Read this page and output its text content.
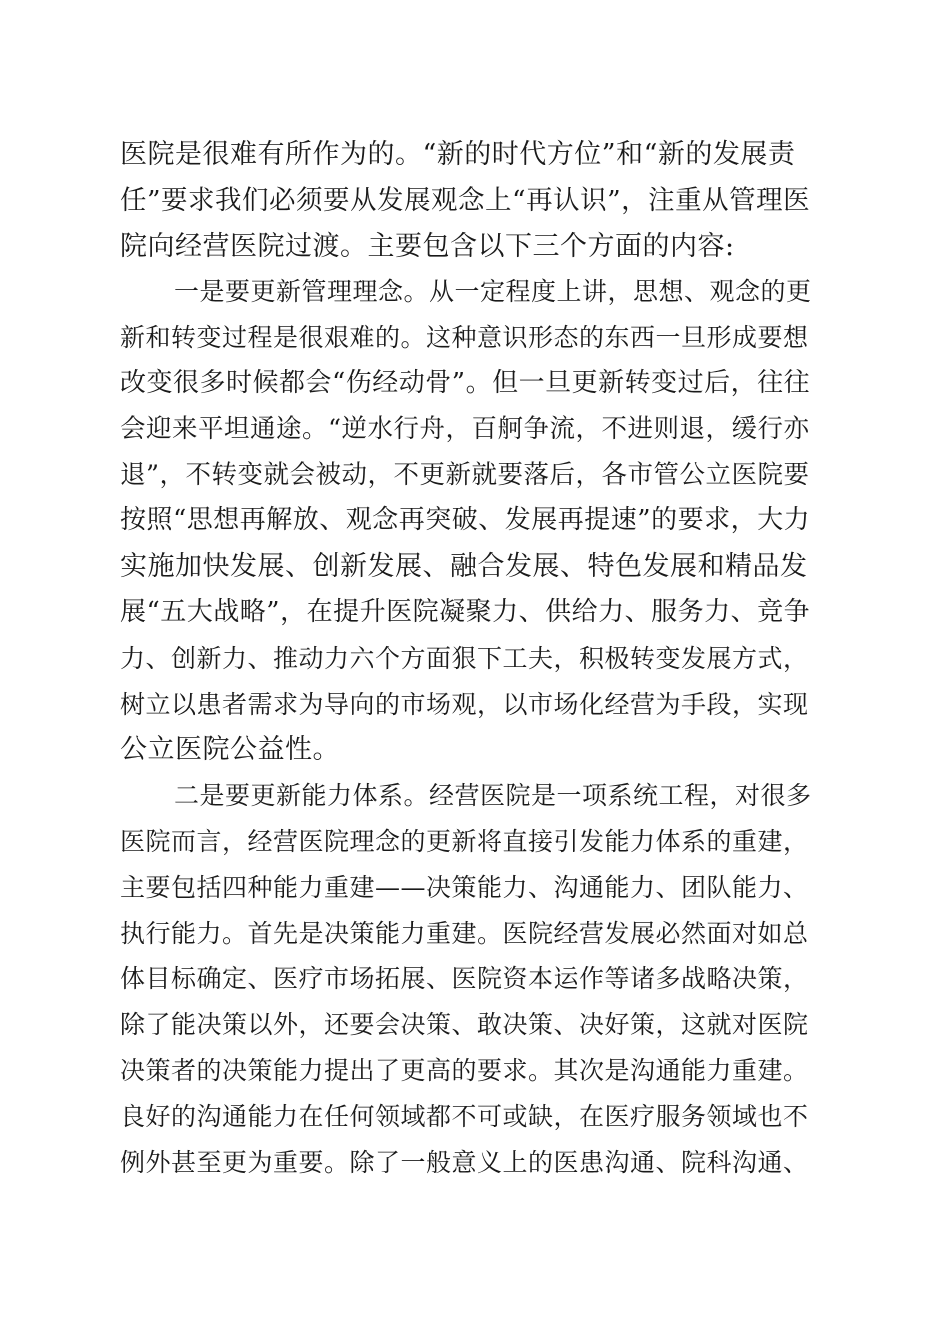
医院是很难有所作为的。“新的时代方位”和“新的发展责
任”要求我们必须要从发展观念上“再认识”，注重从管理医
院向经营医院过渡。主要包含以下三个方面的内容:
一是要更新管理理念。从一定程度上讲，思想、观念的更
新和转变过程是很艰难的。这种意识形态的东西一旦形成要想
改变很多时候都会“伤经动骨”。但一旦更新转变过后，往往
会迎来平坦通途。“逆水行舟，百舸争流，不进则退，缓行亦
退”，不转变就会被动，不更新就要落后，各市管公立医院要
按照“思想再解放、观念再突破、发展再提速”的要求，大力
实施加快发展、创新发展、融合发展、特色发展和精品发
展“五大战略”，在提升医院凝聚力、供给力、服务力、竞争
力、创新力、推动力六个方面狠下工夫，积极转变发展方式，
树立以患者需求为导向的市场观，以市场化经营为手段，实现
公立医院公益性。
二是要更新能力体系。经营医院是一项系统工程，对很多
医院而言，经营医院理念的更新将直接引发能力体系的重建，
主要包括四种能力重建——决策能力、沟通能力、团队能力、
执行能力。首先是决策能力重建。医院经营发展必然面对如总
体目标确定、医疗市场拓展、医院资本运作等诸多战略决策，
除了能决策以外，还要会决策、敢决策、决好策，这就对医院
决策者的决策能力提出了更高的要求。其次是沟通能力重建。
良好的沟通能力在任何领域都不可或缺，在医疗服务领域也不
例外甚至更为重要。除了一般意义上的医患沟通、院科沟通、
